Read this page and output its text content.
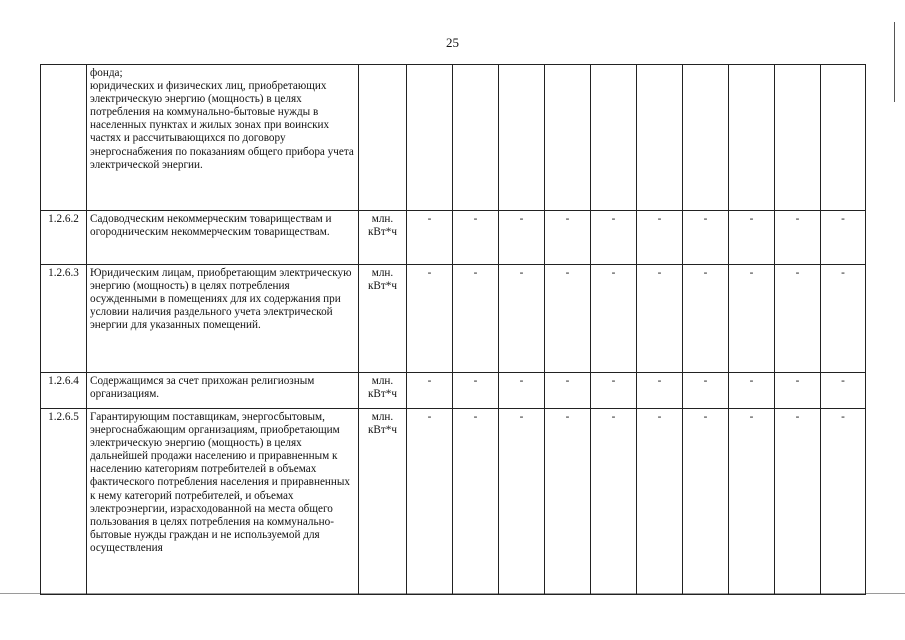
25
	фонда;
юридических и физических лиц, приобретающих электрическую энергию (мощность) в целях потребления на коммунально-бытовые нужды в населенных пунктах и жилых зонах при воинских частях и рассчитывающихся по договору энергоснабжения по показаниям общего прибора учета электрической энергии.											
1.2.6.2	Садоводческим некоммерческим товариществам и огородническим некоммерческим товариществам.	млн. кВт*ч	-	-	-	-	-	-	-	-	-	-
1.2.6.3	Юридическим лицам, приобретающим электрическую энергию (мощность) в целях потребления осужденными в помещениях для их содержания при условии наличия раздельного учета электрической энергии для указанных помещений.	млн. кВт*ч	-	-	-	-	-	-	-	-	-	-
1.2.6.4	Содержащимся за счет прихожан религиозным организациям.	млн. кВт*ч	-	-	-	-	-	-	-	-	-	-
1.2.6.5	Гарантирующим поставщикам, энергосбытовым, энергоснабжающим организациям, приобретающим электрическую энергию (мощность) в целях дальнейшей продажи населению и приравненным к населению категориям потребителей в объемах фактического потребления населения и приравненных к нему категорий потребителей, и объемах электроэнергии, израсходованной на места общего пользования в целях потребления на коммунально-бытовые нужды граждан и не используемой для осуществления	млн. кВт*ч	-	-	-	-	-	-	-	-	-	-
